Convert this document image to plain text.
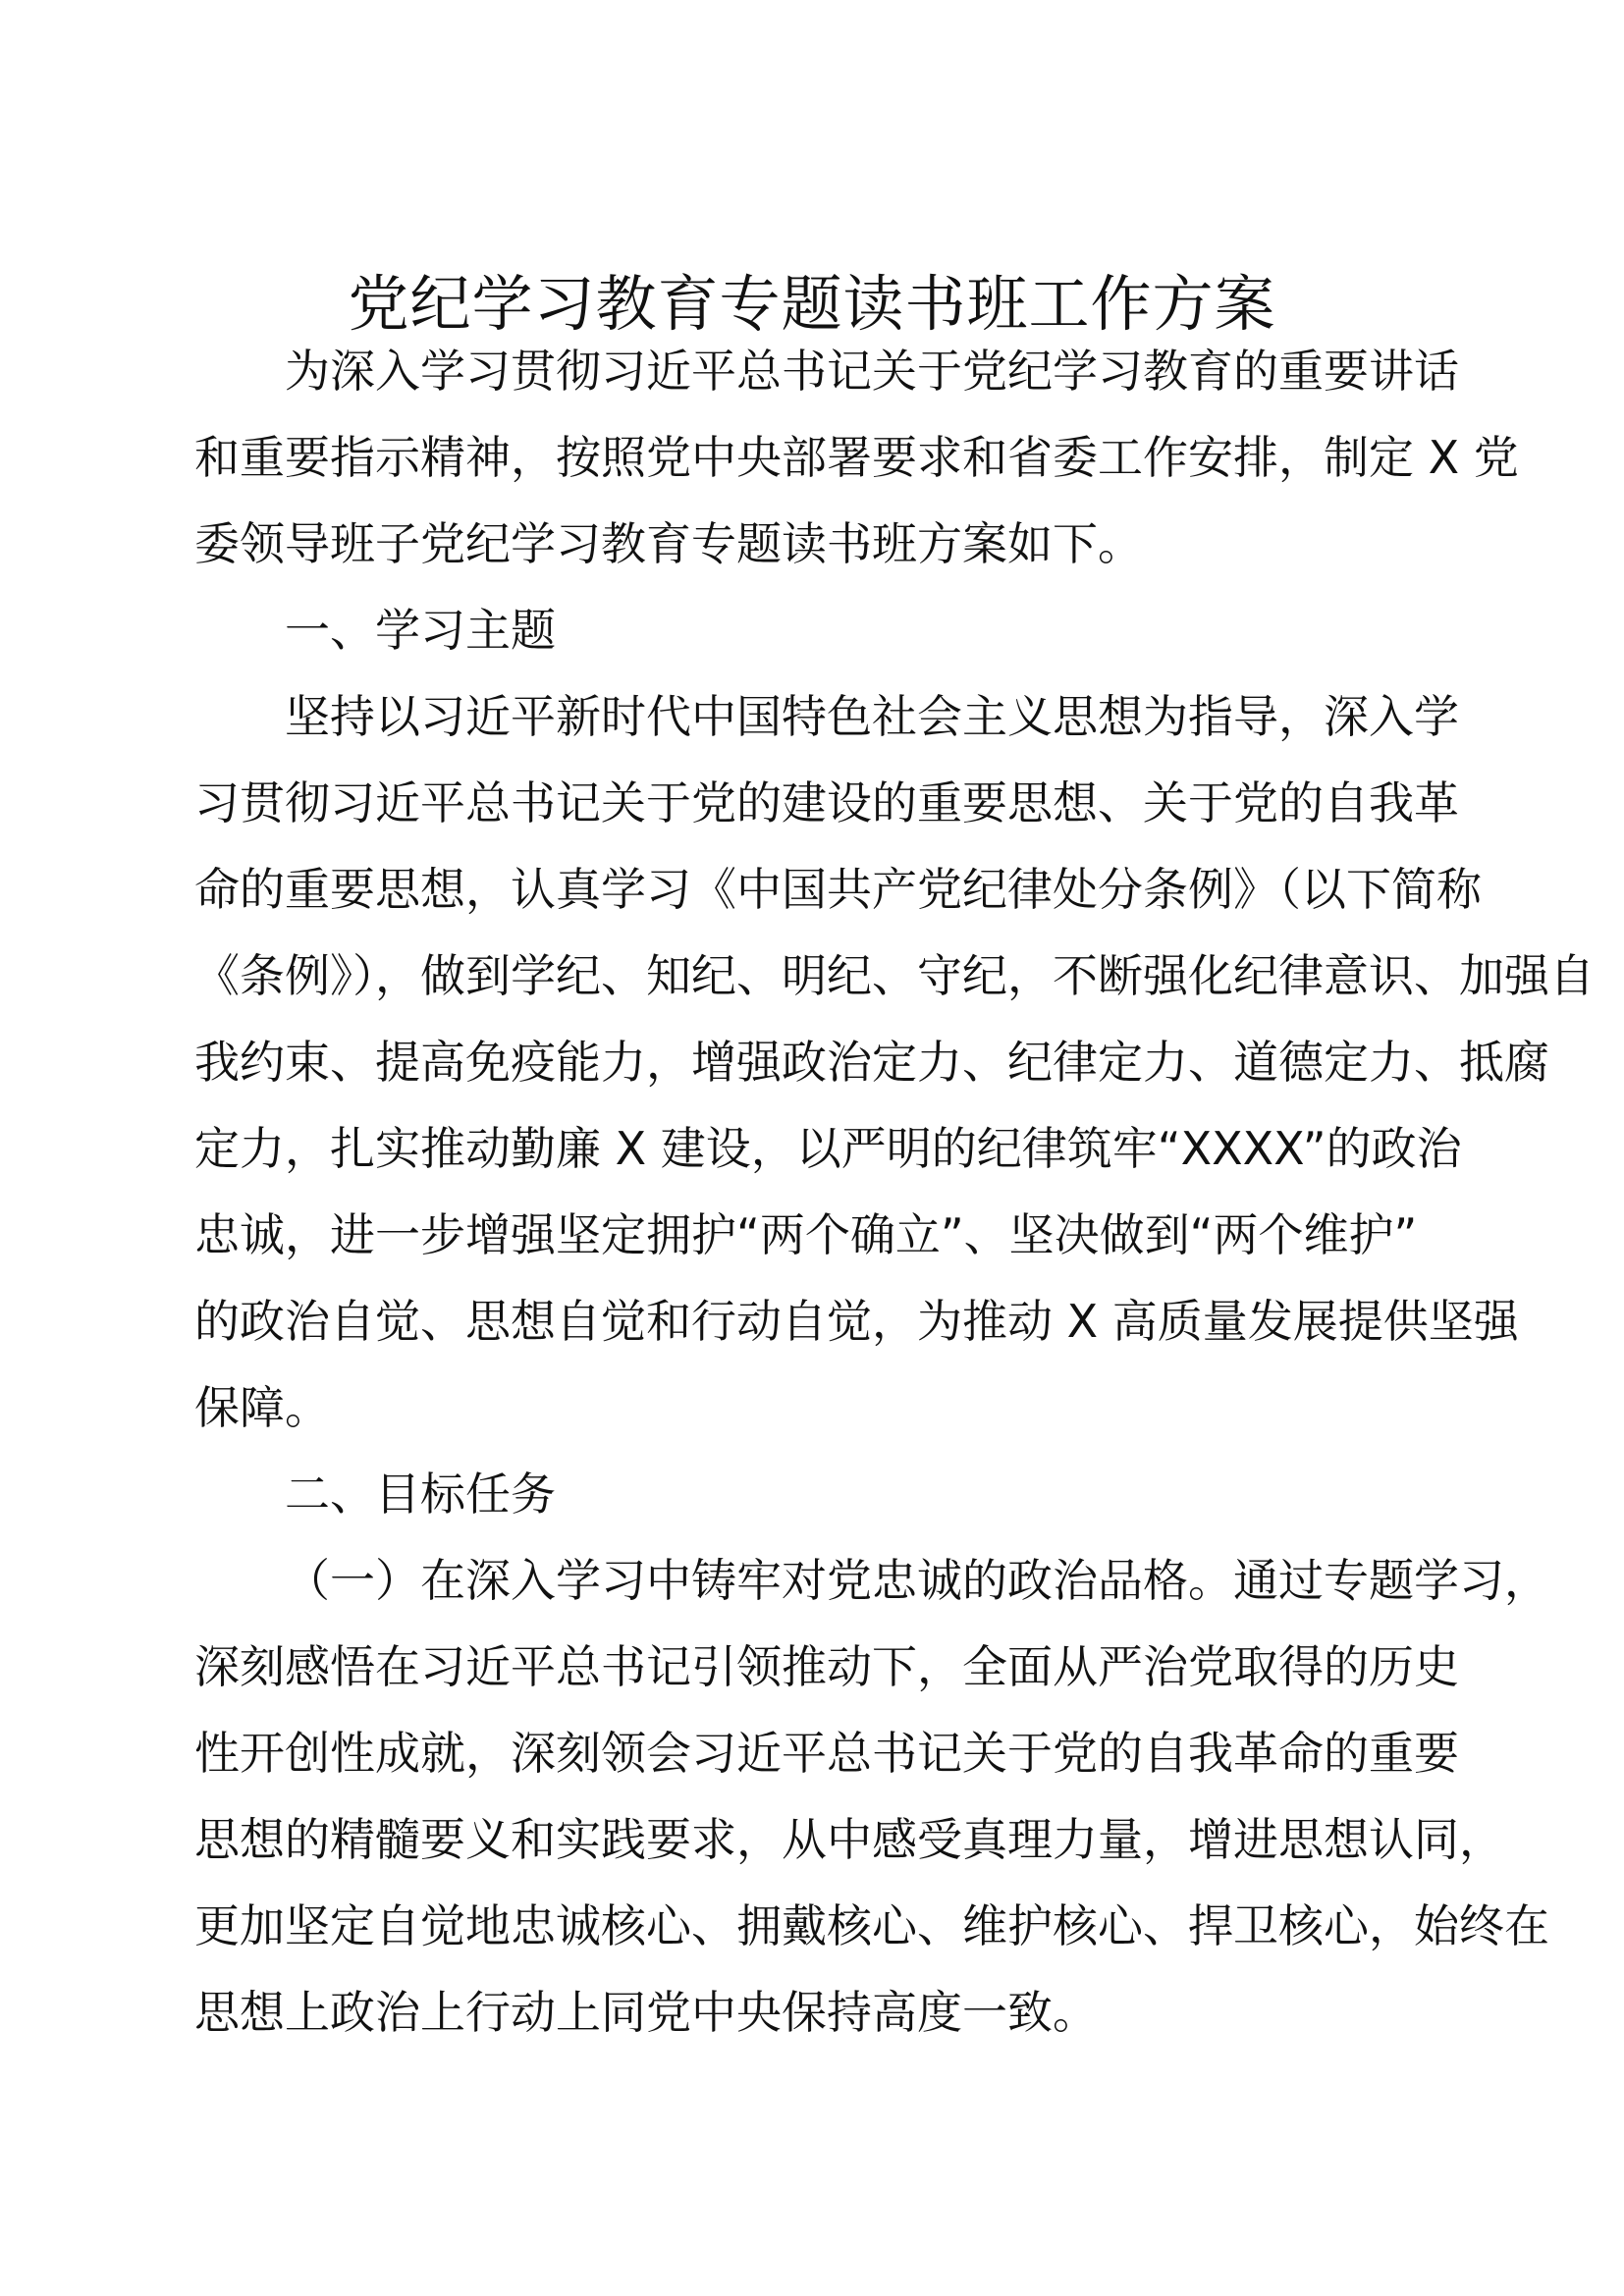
党纪学习教育专题读书班工作方案
为深入学习贯彻习近平总书记关于党纪学习教育的重要讲话
和重要指示精神，按照党中央部署要求和省委工作安排，制定 X 党
委领导班子党纪学习教育专题读书班方案如下。
一、学习主题
坚持以习近平新时代中国特色社会主义思想为指导，深入学
习贯彻习近平总书记关于党的建设的重要思想、关于党的自我革
命的重要思想，认真学习《中国共产党纪律处分条例》（以下简称
《条例》），做到学纪、知纪、明纪、守纪，不断强化纪律意识、加强自
我约束、提高免疫能力，增强政治定力、纪律定力、道德定力、抵腐
定力，扎实推动勤廉 X 建设，以严明的纪律筑牢“XXXX”的政治
忠诚，进一步增强坚定拥护“两个确立”、坚决做到“两个维护”
的政治自觉、思想自觉和行动自觉，为推动 X 高质量发展提供坚强
保障。
二、目标任务
（一）在深入学习中铸牢对党忠诚的政治品格。通过专题学习，
深刻感悟在习近平总书记引领推动下，全面从严治党取得的历史
性开创性成就，深刻领会习近平总书记关于党的自我革命的重要
思想的精髓要义和实践要求，从中感受真理力量，增进思想认同，
更加坚定自觉地忠诚核心、拥戴核心、维护核心、捍卫核心，始终在
思想上政治上行动上同党中央保持高度一致。
